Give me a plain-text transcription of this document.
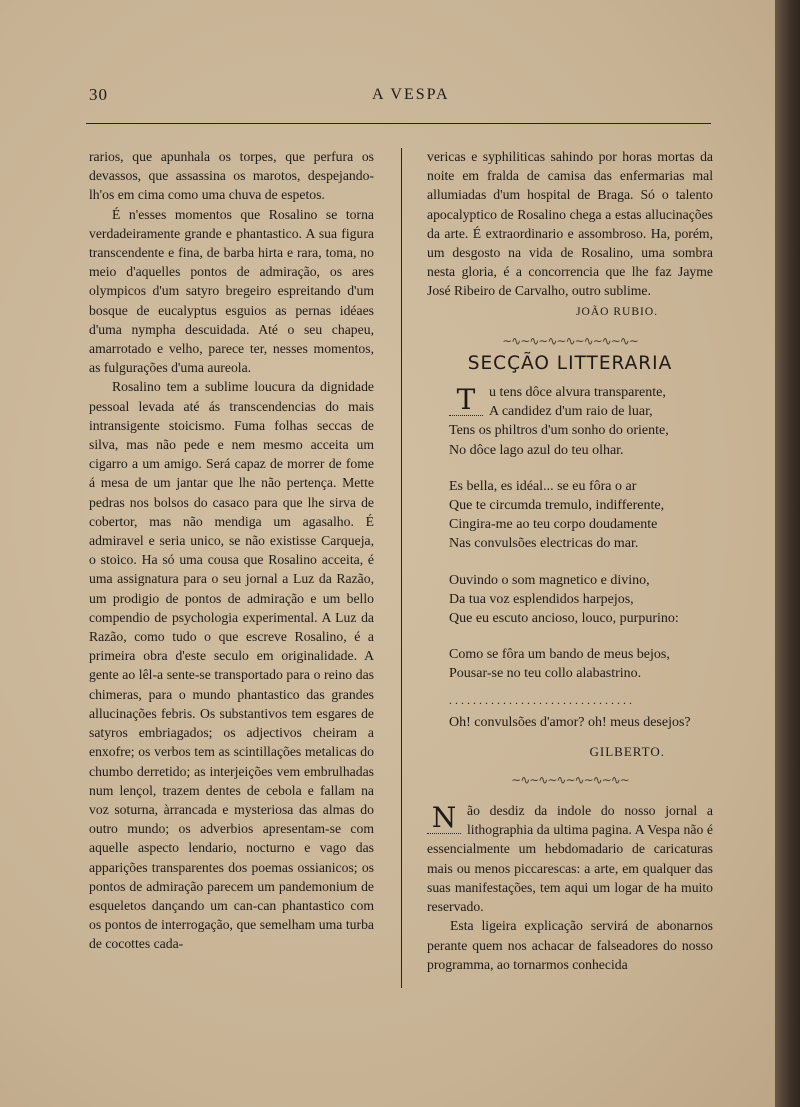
30	A VESPA

rarios, que apunhala os torpes, que perfura os devassos, que assassina os marotos, despejando-lh'os em cima como uma chuva de espetos.

É n'esses momentos que Rosalino se torna verdadeiramente grande e phantastico. A sua figura transcendente e fina, de barba hirta e rara, toma, no meio d'aquelles pontos de admiração, os ares olympicos d'um satyro bregeiro espreitando d'um bosque de eucalyptus esguios as pernas idéaes d'uma nympha descuidada. Até o seu chapeu, amarrotado e velho, parece ter, nesses momentos, as fulgurações d'uma aureola.

Rosalino tem a sublime loucura da dignidade pessoal levada até ás transcendencias do mais intransigente stoicismo. Fuma folhas seccas de silva, mas não pede e nem mesmo acceita um cigarro a um amigo. Será capaz de morrer de fome á mesa de um jantar que lhe não pertença. Mette pedras nos bolsos do casaco para que lhe sirva de cobertor, mas não mendiga um agasalho. É admiravel e seria unico, se não existisse Carqueja, o stoico. Ha só uma cousa que Rosalino acceita, é uma assignatura para o seu jornal a Luz da Razão, um prodigio de pontos de admiração e um bello compendio de psychologia experimental. A Luz da Razão, como tudo o que escreve Rosalino, é a primeira obra d'este seculo em originalidade. A gente ao lêl-a sente-se transportado para o reino das chimeras, para o mundo phantastico das grandes allucinações febris. Os substantivos tem esgares de satyros embriagados; os adjectivos cheiram a enxofre; os verbos tem as scintillações metalicas do chumbo derretido; as interjeições vem embrulhadas num lençol, trazem dentes de cebola e fallam na voz soturna, àrrancada e mysteriosa das almas do outro mundo; os adverbios apresentam-se com aquelle aspecto lendario, nocturno e vago das apparições transparentes dos poemas ossianicos; os pontos de admiração parecem um pandemonium de esqueletos dançando um can-can phantastico com os pontos de interrogação, que semelham uma turba de cocottes cada-

vericas e syphiliticas sahindo por horas mortas da noite em fralda de camisa das enfermarias mal allumiadas d'um hospital de Braga. Só o talento apocalyptico de Rosalino chega a estas allucinações da arte. É extraordinario e assombroso. Ha, porém, um desgosto na vida de Rosalino, uma sombra nesta gloria, é a concorrencia que lhe faz Jayme José Ribeiro de Carvalho, outro sublime.

JOÃO RUBIO.
∼∿∼∿∼∿∼∿∼∿∼∿∼∿∼
SECÇÃO LITTERARIA
T u tens dôce alvura transparente,
A candidez d'um raio de luar,
Tens os philtros d'um sonho do oriente,
No dôce lago azul do teu olhar.
Es bella, es idéal... se eu fôra o ar
Que te circumda tremulo, indifferente,
Cingira-me ao teu corpo doudamente
Nas convulsões electricas do mar.
Ouvindo o som magnetico e divino,
Da tua voz esplendidos harpejos,
Que eu escuto ancioso, louco, purpurino:
Como se fôra um bando de meus bejos,
Pousar-se no teu collo alabastrino.
...............................
Oh! convulsões d'amor? oh! meus desejos?
GILBERTO.
∼∿∼∿∼∿∼∿∼∿∼∿∼

N ão desdiz da indole do nosso jornal a lithographia da ultima pagina. A Vespa não é essencialmente um hebdomadario de caricaturas mais ou menos piccarescas: a arte, em qualquer das suas manifestações, tem aqui um logar de ha muito reservado.

Esta ligeira explicação servirá de abonarnos perante quem nos achacar de falseadores do nosso programma, ao tornarmos conhecida
